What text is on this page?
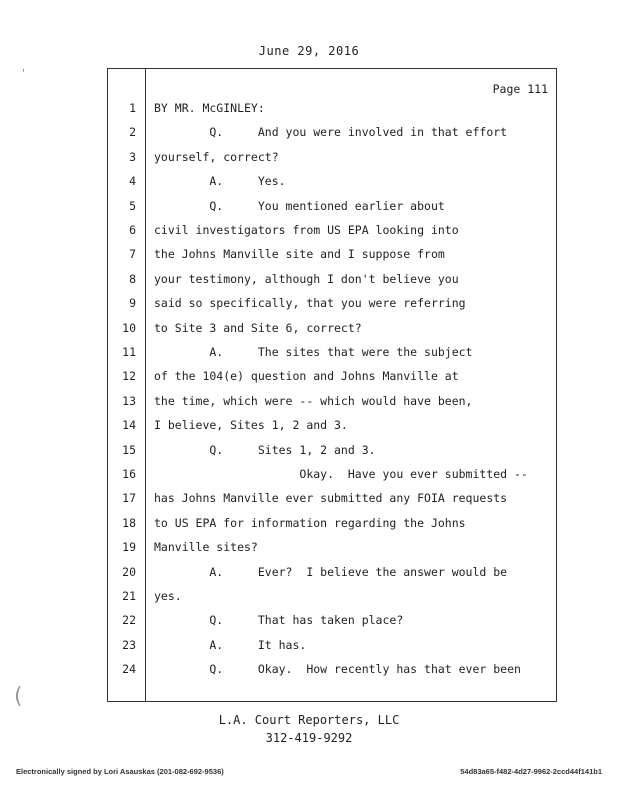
June 29, 2016
Page 111
1 BY MR. McGINLEY:
2 Q.     And you were involved in that effort
3 yourself, correct?
4 A.     Yes.
5 Q.     You mentioned earlier about
6 civil investigators from US EPA looking into
7 the Johns Manville site and I suppose from
8 your testimony, although I don't believe you
9 said so specifically, that you were referring
10 to Site 3 and Site 6, correct?
11 A.     The sites that were the subject
12 of the 104(e) question and Johns Manville at
13 the time, which were -- which would have been,
14 I believe, Sites 1, 2 and 3.
15 Q.     Sites 1, 2 and 3.
16 Okay.  Have you ever submitted --
17 has Johns Manville ever submitted any FOIA requests
18 to US EPA for information regarding the Johns
19 Manville sites?
20 A.     Ever?  I believe the answer would be
21 yes.
22 Q.     That has taken place?
23 A.     It has.
24 Q.     Okay.  How recently has that ever been
L.A. Court Reporters, LLC
312-419-9292
Electronically signed by Lori Asauskas (201-082-692-9536)	54d83a65-f482-4d27-9962-2ccd44f141b1
'
(
